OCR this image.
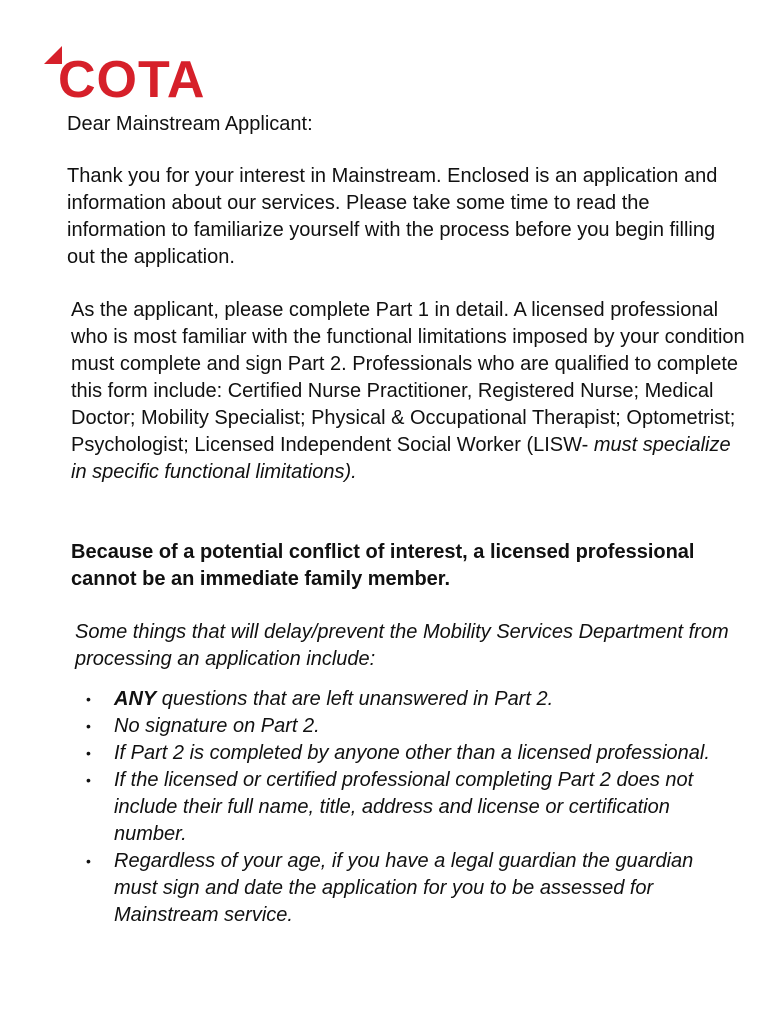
COTA

Dear Mainstream Applicant:

Thank you for your interest in Mainstream. Enclosed is an application and information about our services. Please take some time to read the information to familiarize yourself with the process before you begin filling out the application.

As the applicant, please complete Part 1 in detail. A licensed professional who is most familiar with the functional limitations imposed by your condition must complete and sign Part 2. Professionals who are qualified to complete this form include: Certified Nurse Practitioner, Registered Nurse; Medical Doctor; Mobility Specialist; Physical & Occupational Therapist; Optometrist; Psychologist; Licensed Independent Social Worker (LISW- must specialize in specific functional limitations).

Because of a potential conflict of interest, a licensed professional cannot be an immediate family member.

Some things that will delay/prevent the Mobility Services Department from processing an application include:

• ANY questions that are left unanswered in Part 2.
• No signature on Part 2.
• If Part 2 is completed by anyone other than a licensed professional.
• If the licensed or certified professional completing Part 2 does not include their full name, title, address and license or certification number.
• Regardless of your age, if you have a legal guardian the guardian must sign and date the application for you to be assessed for Mainstream service.
